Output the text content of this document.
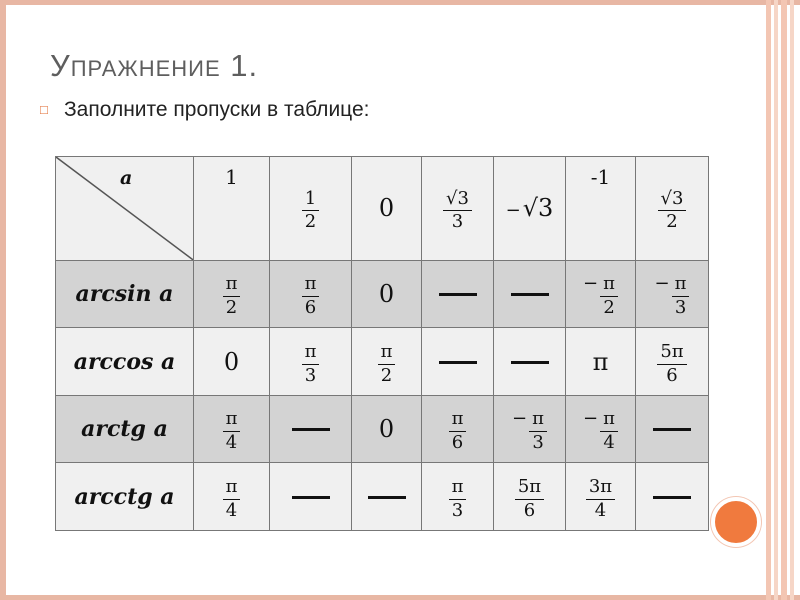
Упражнение 1.
□ Заполните пропуски в таблице:
a	1	$\frac{1}{2}$	0	$\frac{√3}{3}$	−√3	-1	$\frac{√3}{2}$

arcsin a	$\frac{\pi}{2}$	$\frac{\pi}{6}$	0			− $\frac{\pi}{2}$	− $\frac{\pi}{3}$

arccos a	0	$\frac{\pi}{3}$	$\frac{\pi}{2}$			π	$\frac{5\pi}{6}$

arctg a	$\frac{\pi}{4}$		0	$\frac{\pi}{6}$	− $\frac{\pi}{3}$	− $\frac{\pi}{4}$

arcctg a	$\frac{\pi}{4}$			$\frac{\pi}{3}$	$\frac{5\pi}{6}$	$\frac{3\pi}{4}$
